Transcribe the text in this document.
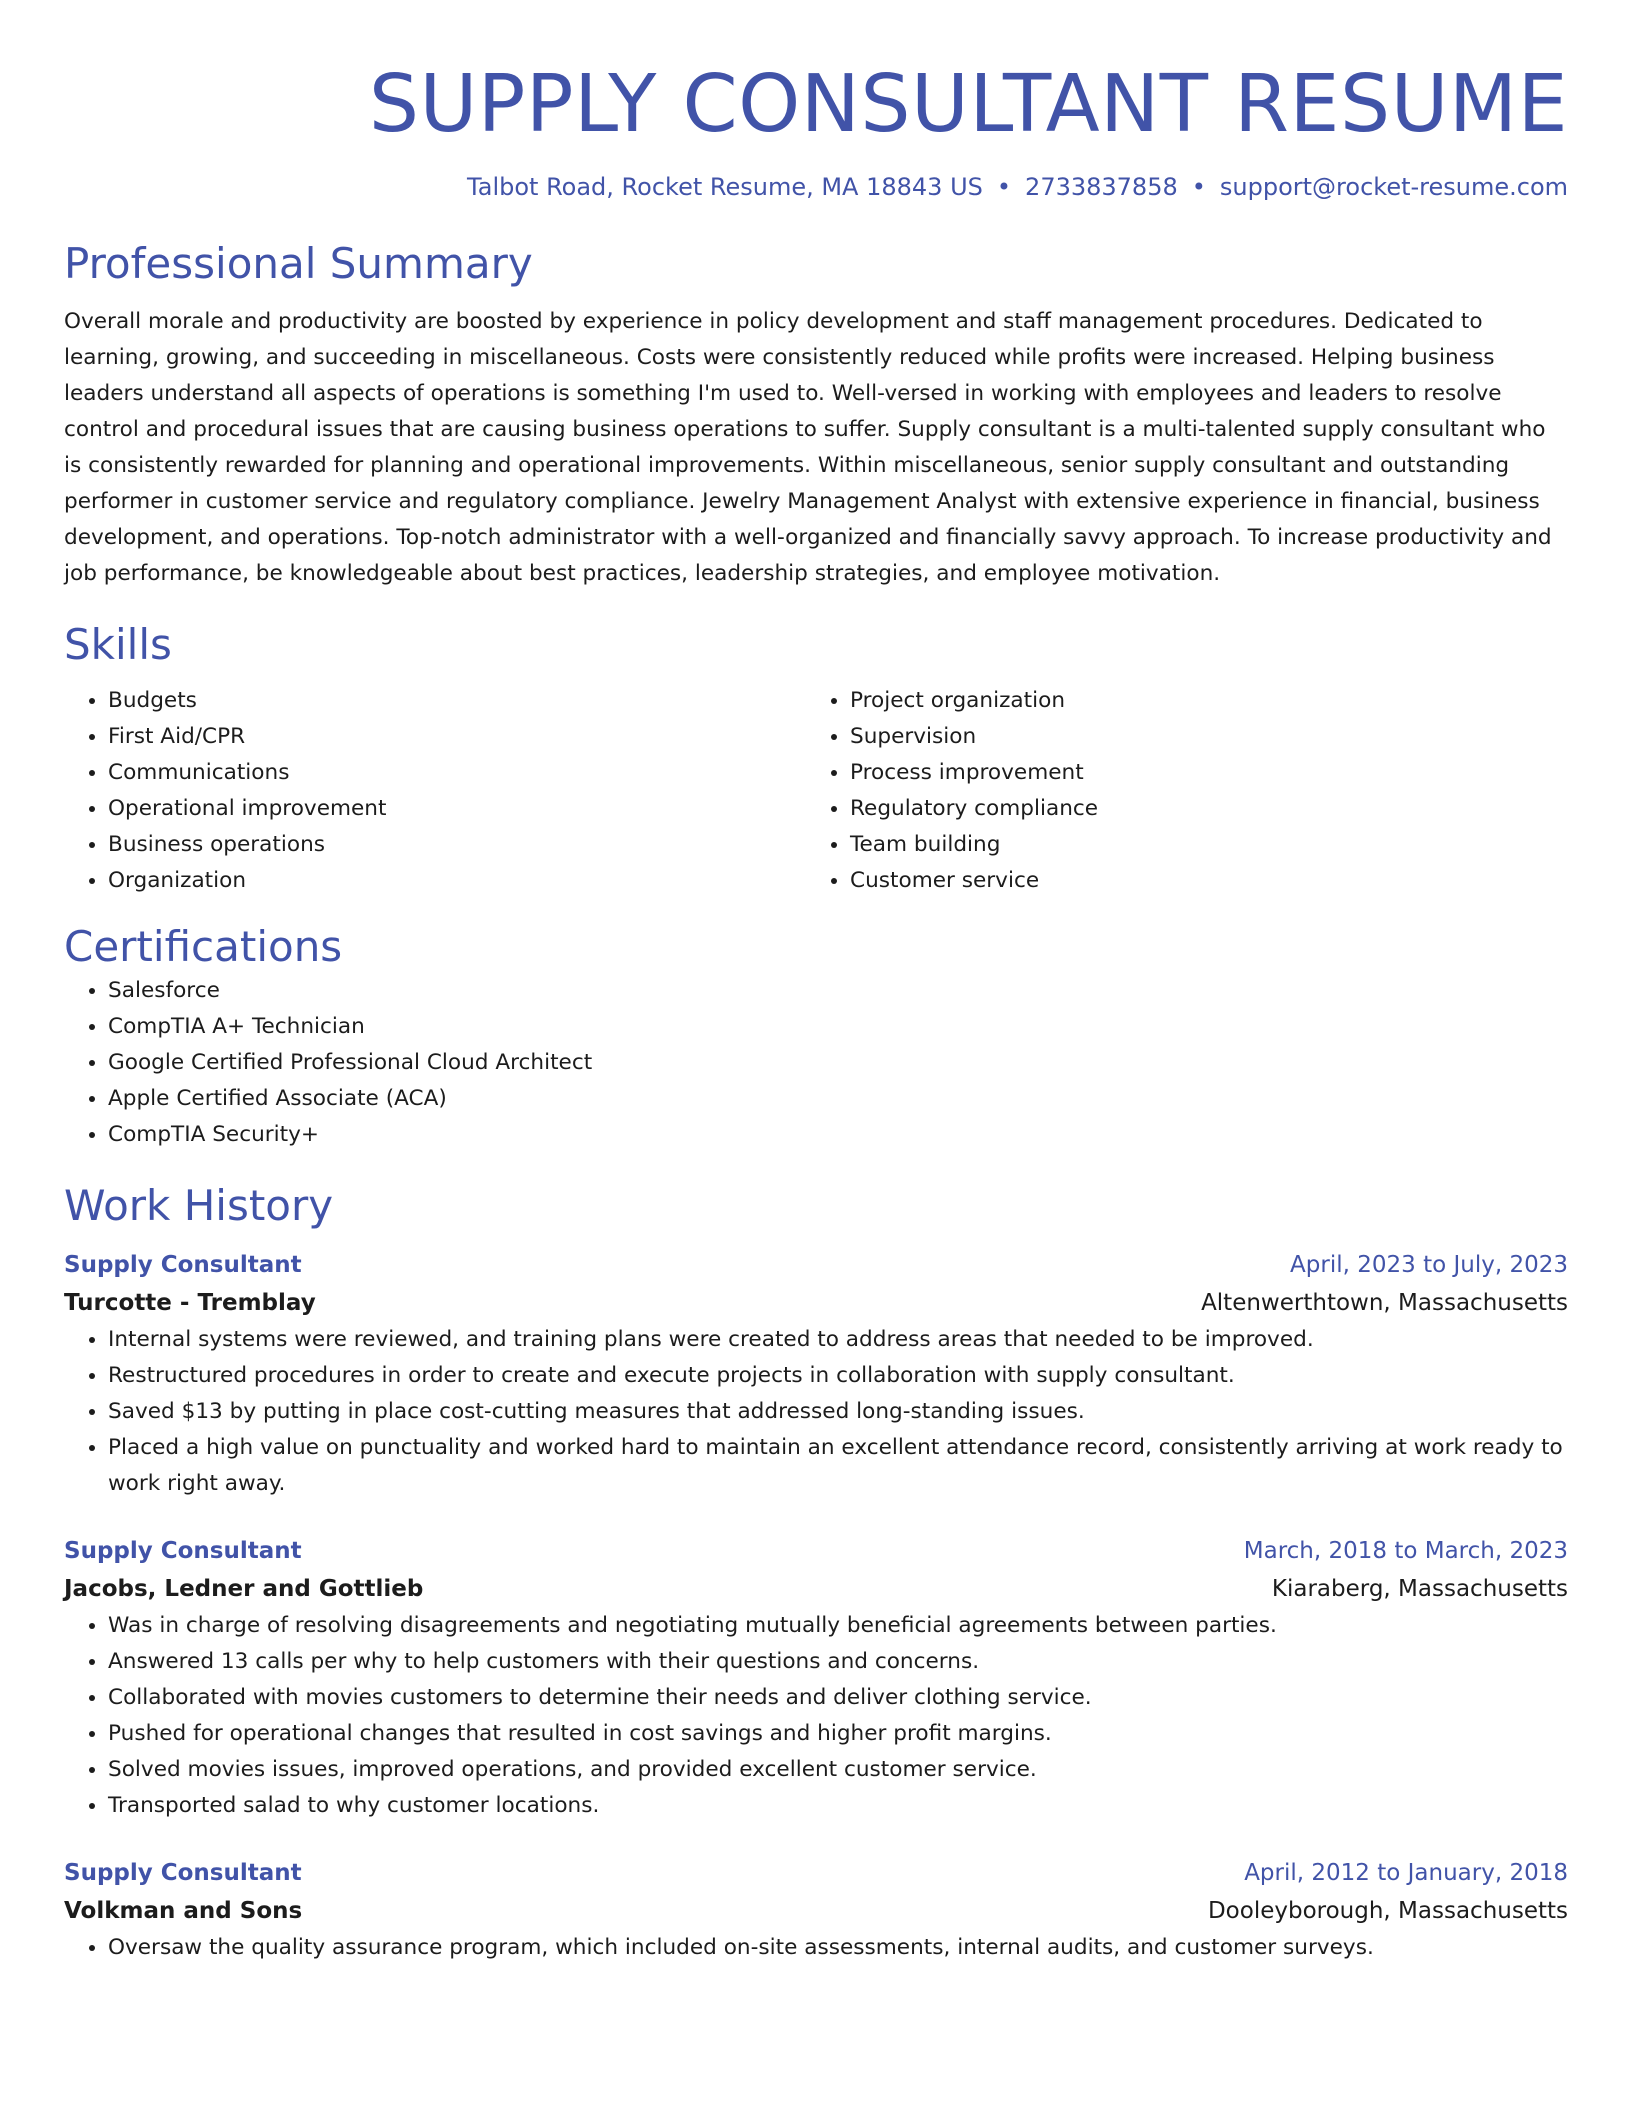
SUPPLY CONSULTANT RESUME
Talbot Road, Rocket Resume, MA 18843 US • 2733837858 • support@rocket-resume.com
Professional Summary

Overall morale and productivity are boosted by experience in policy development and staff management procedures. Dedicated to learning, growing, and succeeding in miscellaneous. Costs were consistently reduced while profits were increased. Helping business leaders understand all aspects of operations is something I'm used to. Well-versed in working with employees and leaders to resolve control and procedural issues that are causing business operations to suffer. Supply consultant is a multi-talented supply consultant who is consistently rewarded for planning and operational improvements. Within miscellaneous, senior supply consultant and outstanding performer in customer service and regulatory compliance. Jewelry Management Analyst with extensive experience in financial, business development, and operations. Top-notch administrator with a well-organized and financially savvy approach. To increase productivity and job performance, be knowledgeable about best practices, leadership strategies, and employee motivation.

Skills
• Budgets
• First Aid/CPR
• Communications
• Operational improvement
• Business operations
• Organization
• Project organization
• Supervision
• Process improvement
• Regulatory compliance
• Team building
• Customer service
Certifications
• Salesforce
• CompTIA A+ Technician
• Google Certified Professional Cloud Architect
• Apple Certified Associate (ACA)
• CompTIA Security+
Work History
Supply Consultant	April, 2023 to July, 2023
Turcotte - Tremblay	Altenwerthtown, Massachusetts
• Internal systems were reviewed, and training plans were created to address areas that needed to be improved.
• Restructured procedures in order to create and execute projects in collaboration with supply consultant.
• Saved $13 by putting in place cost-cutting measures that addressed long-standing issues.
• Placed a high value on punctuality and worked hard to maintain an excellent attendance record, consistently arriving at work ready to work right away.
Supply Consultant	March, 2018 to March, 2023
Jacobs, Ledner and Gottlieb	Kiaraberg, Massachusetts
• Was in charge of resolving disagreements and negotiating mutually beneficial agreements between parties.
• Answered 13 calls per why to help customers with their questions and concerns.
• Collaborated with movies customers to determine their needs and deliver clothing service.
• Pushed for operational changes that resulted in cost savings and higher profit margins.
• Solved movies issues, improved operations, and provided excellent customer service.
• Transported salad to why customer locations.
Supply Consultant	April, 2012 to January, 2018
Volkman and Sons	Dooleyborough, Massachusetts
• Oversaw the quality assurance program, which included on-site assessments, internal audits, and customer surveys.
